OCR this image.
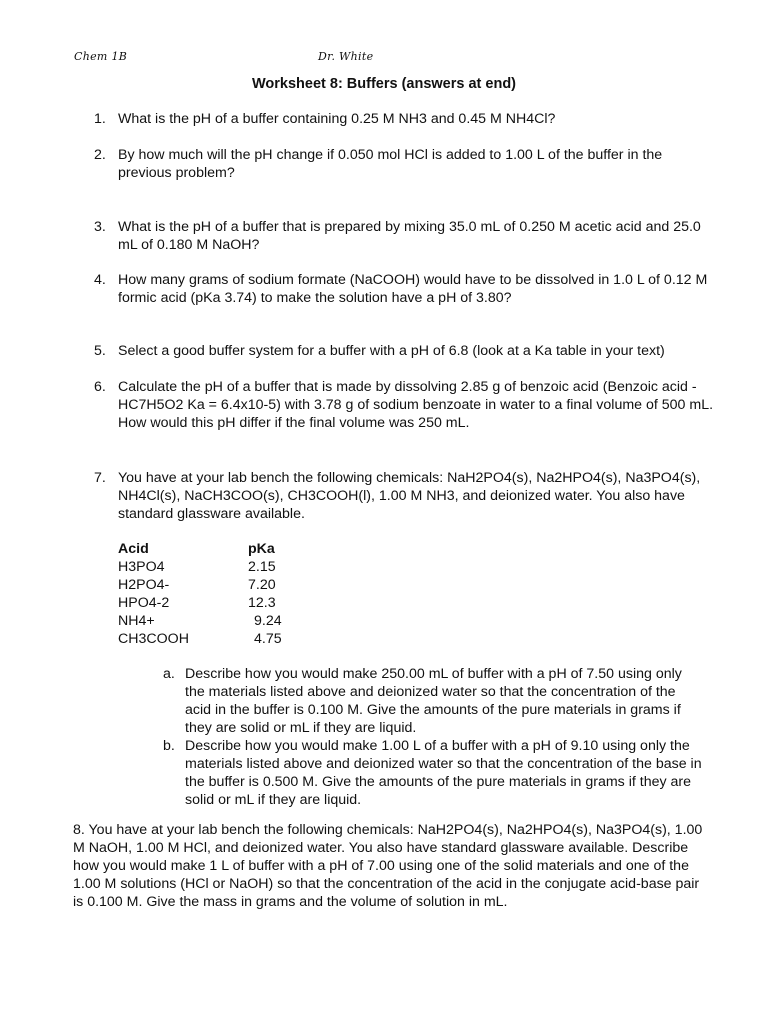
Chem 1B	Dr. White
Worksheet 8: Buffers (answers at end)
1. What is the pH of a buffer containing 0.25 M NH3 and 0.45 M NH4Cl?
2. By how much will the pH change if 0.050 mol HCl is added to 1.00 L of the buffer in the previous problem?
3. What is the pH of a buffer that is prepared by mixing 35.0 mL of 0.250 M acetic acid and 25.0 mL of 0.180 M NaOH?
4. How many grams of sodium formate (NaCOOH) would have to be dissolved in 1.0 L of 0.12 M formic acid (pKa 3.74) to make the solution have a pH of 3.80?
5. Select a good buffer system for a buffer with a pH of 6.8 (look at a Ka table in your text)
6. Calculate the pH of a buffer that is made by dissolving 2.85 g of benzoic acid (Benzoic acid - HC7H5O2 Ka = 6.4x10-5) with 3.78 g of sodium benzoate in water to a final volume of 500 mL. How would this pH differ if the final volume was 250 mL.
7. You have at your lab bench the following chemicals: NaH2PO4(s), Na2HPO4(s), Na3PO4(s), NH4Cl(s), NaCH3COO(s), CH3COOH(l), 1.00 M NH3, and deionized water. You also have standard glassware available.
Acid	pKa
H3PO4	2.15
H2PO4-	7.20
HPO4-2	12.3
NH4+	9.24
CH3COOH	4.75
a. Describe how you would make 250.00 mL of buffer with a pH of 7.50 using only the materials listed above and deionized water so that the concentration of the acid in the buffer is 0.100 M. Give the amounts of the pure materials in grams if they are solid or mL if they are liquid.
b. Describe how you would make 1.00 L of a buffer with a pH of 9.10 using only the materials listed above and deionized water so that the concentration of the base in the buffer is 0.500 M. Give the amounts of the pure materials in grams if they are solid or mL if they are liquid.
8. You have at your lab bench the following chemicals: NaH2PO4(s), Na2HPO4(s), Na3PO4(s), 1.00 M NaOH, 1.00 M HCl, and deionized water. You also have standard glassware available. Describe how you would make 1 L of buffer with a pH of 7.00 using one of the solid materials and one of the 1.00 M solutions (HCl or NaOH) so that the concentration of the acid in the conjugate acid-base pair is 0.100 M. Give the mass in grams and the volume of solution in mL.
